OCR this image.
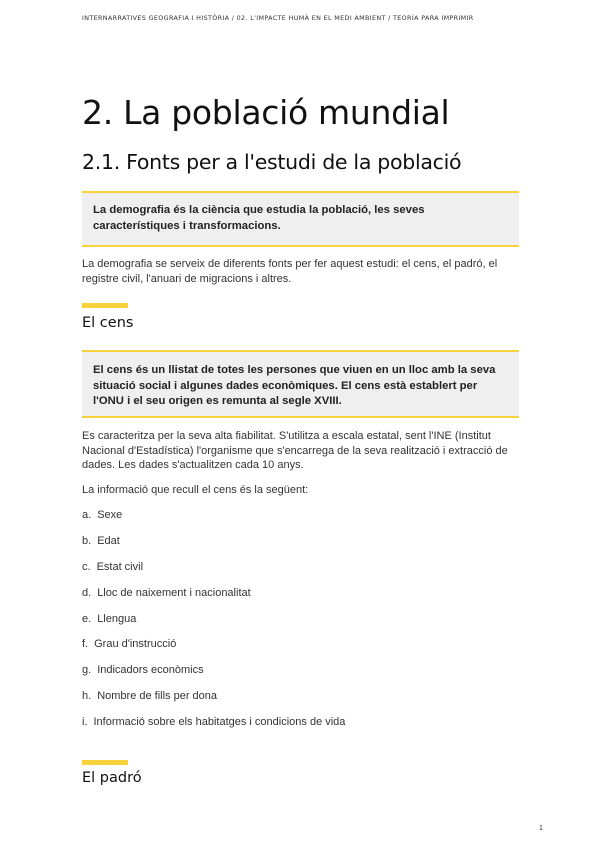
INTERNARRATIVES GEOGRAFIA I HISTÒRIA / 02. L'IMPACTE HUMÀ EN EL MEDI AMBIENT / TEORÍA PARA IMPRIMIR
2. La població mundial
2.1. Fonts per a l'estudi de la població
La demografia és la ciència que estudia la població, les seves característiques i transformacions.

La demografia se serveix de diferents fonts per fer aquest estudi: el cens, el padró, el registre civil, l'anuari de migracions i altres.

El cens
El cens és un llistat de totes les persones que viuen en un lloc amb la seva situació social i algunes dades econòmiques. El cens està establert per l'ONU i el seu origen es remunta al segle XVIII.

Es caracteritza per la seva alta fiabilitat. S'utilitza a escala estatal, sent l'INE (Institut Nacional d'Estadística) l'organisme que s'encarrega de la seva realització i extracció de dades. Les dades s'actualitzen cada 10 anys.

La informació que recull el cens és la següent:

a. Sexe
b. Edat
c. Estat civil
d. Lloc de naixement i nacionalitat
e. Llengua
f. Grau d'instrucció
g. Indicadors econòmics
h. Nombre de fills per dona
i. Informació sobre els habitatges i condicions de vida
El padró
1
